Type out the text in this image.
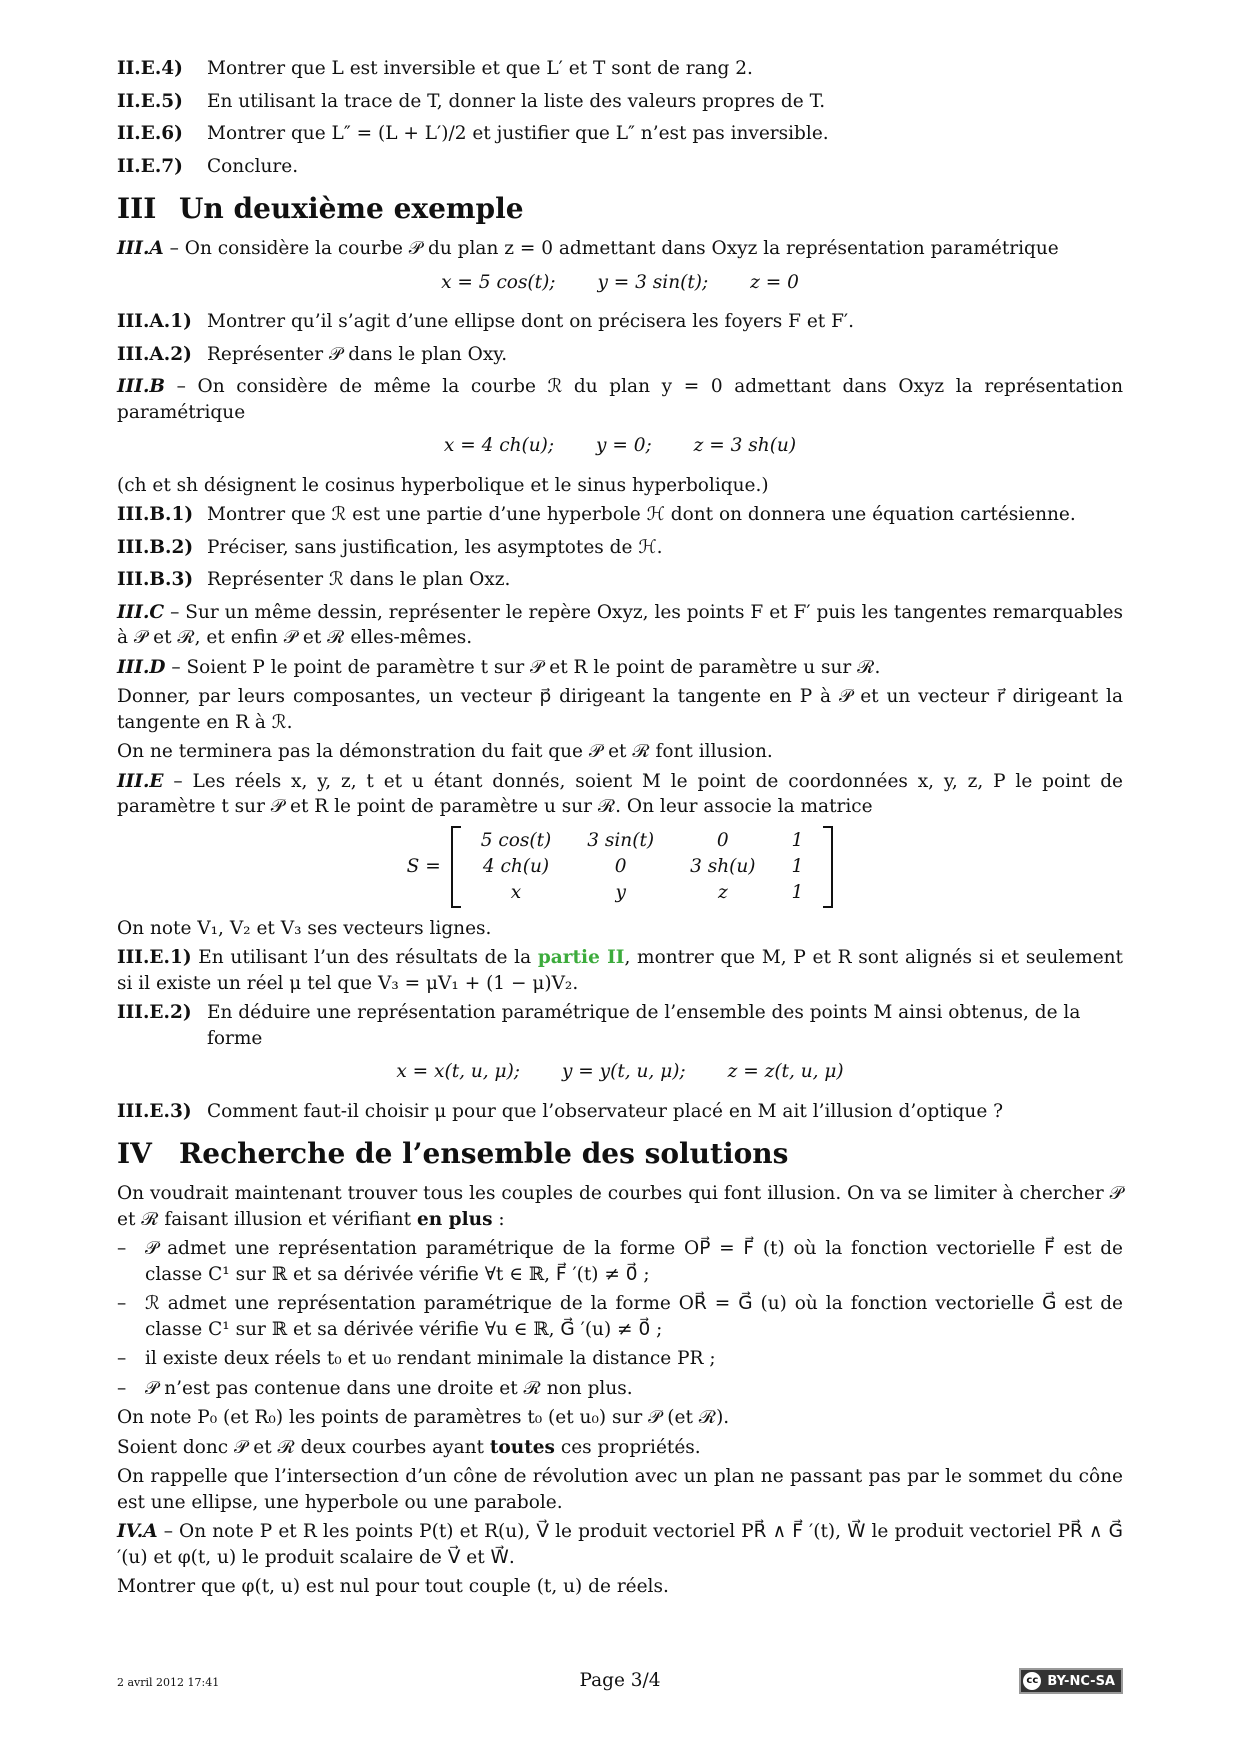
II.E.4)	Montrer que L est inversible et que L′ et T sont de rang 2.
II.E.5)	En utilisant la trace de T, donner la liste des valeurs propres de T.
II.E.6)	Montrer que L″ = (L + L′)/2 et justifier que L″ n’est pas inversible.
II.E.7)	Conclure.
III Un deuxième exemple
III.A – On considère la courbe 𝒫 du plan z = 0 admettant dans Oxyz la représentation paramétrique
x = 5 cos(t); y = 3 sin(t); z = 0
III.A.1) Montrer qu’il s’agit d’une ellipse dont on précisera les foyers F et F′.
III.A.2) Représenter 𝒫 dans le plan Oxy.
III.B – On considère de même la courbe ℛ du plan y = 0 admettant dans Oxyz la représentation paramétrique
x = 4 ch(u); y = 0; z = 3 sh(u)
(ch et sh désignent le cosinus hyperbolique et le sinus hyperbolique.)
III.B.1) Montrer que ℛ est une partie d’une hyperbole ℋ dont on donnera une équation cartésienne.
III.B.2) Préciser, sans justification, les asymptotes de ℋ.
III.B.3) Représenter ℛ dans le plan Oxz.
III.C – Sur un même dessin, représenter le repère Oxyz, les points F et F′ puis les tangentes remarquables à 𝒫 et ℛ, et enfin 𝒫 et ℛ elles-mêmes.
III.D – Soient P le point de paramètre t sur 𝒫 et R le point de paramètre u sur ℛ.
Donner, par leurs composantes, un vecteur p⃗ dirigeant la tangente en P à 𝒫 et un vecteur r⃗ dirigeant la tangente en R à ℛ.
On ne terminera pas la démonstration du fait que 𝒫 et ℛ font illusion.
III.E – Les réels x, y, z, t et u étant donnés, soient M le point de coordonnées x, y, z, P le point de paramètre t sur 𝒫 et R le point de paramètre u sur ℛ. On leur associe la matrice
S =
5 cos(t)	3 sin(t)	0	1
4 ch(u)	0	3 sh(u)	1
x	y	z	1
On note V₁, V₂ et V₃ ses vecteurs lignes.
III.E.1) En utilisant l’un des résultats de la partie II, montrer que M, P et R sont alignés si et seulement si il existe un réel μ tel que V₃ = μV₁ + (1 − μ)V₂.
III.E.2) En déduire une représentation paramétrique de l’ensemble des points M ainsi obtenus, de la forme
x = x(t, u, μ); y = y(t, u, μ); z = z(t, u, μ)
III.E.3) Comment faut-il choisir μ pour que l’observateur placé en M ait l’illusion d’optique ?
IV Recherche de l’ensemble des solutions
On voudrait maintenant trouver tous les couples de courbes qui font illusion. On va se limiter à chercher 𝒫 et ℛ faisant illusion et vérifiant en plus :
– 𝒫 admet une représentation paramétrique de la forme OP⃗ = F⃗ (t) où la fonction vectorielle F⃗ est de classe C¹ sur ℝ et sa dérivée vérifie ∀t ∈ ℝ, F⃗ ′(t) ≠ 0⃗ ;
– ℛ admet une représentation paramétrique de la forme OR⃗ = G⃗ (u) où la fonction vectorielle G⃗ est de classe C¹ sur ℝ et sa dérivée vérifie ∀u ∈ ℝ, G⃗ ′(u) ≠ 0⃗ ;
– il existe deux réels t₀ et u₀ rendant minimale la distance PR ;
– 𝒫 n’est pas contenue dans une droite et ℛ non plus.
On note P₀ (et R₀) les points de paramètres t₀ (et u₀) sur 𝒫 (et ℛ).
Soient donc 𝒫 et ℛ deux courbes ayant toutes ces propriétés.
On rappelle que l’intersection d’un cône de révolution avec un plan ne passant pas par le sommet du cône est une ellipse, une hyperbole ou une parabole.
IV.A – On note P et R les points P(t) et R(u), V⃗ le produit vectoriel PR⃗ ∧ F⃗ ′(t), W⃗ le produit vectoriel PR⃗ ∧ G⃗ ′(u) et φ(t, u) le produit scalaire de V⃗ et W⃗.
Montrer que φ(t, u) est nul pour tout couple (t, u) de réels.
2 avril 2012 17:41	Page 3/4	cc BY-NC-SA
